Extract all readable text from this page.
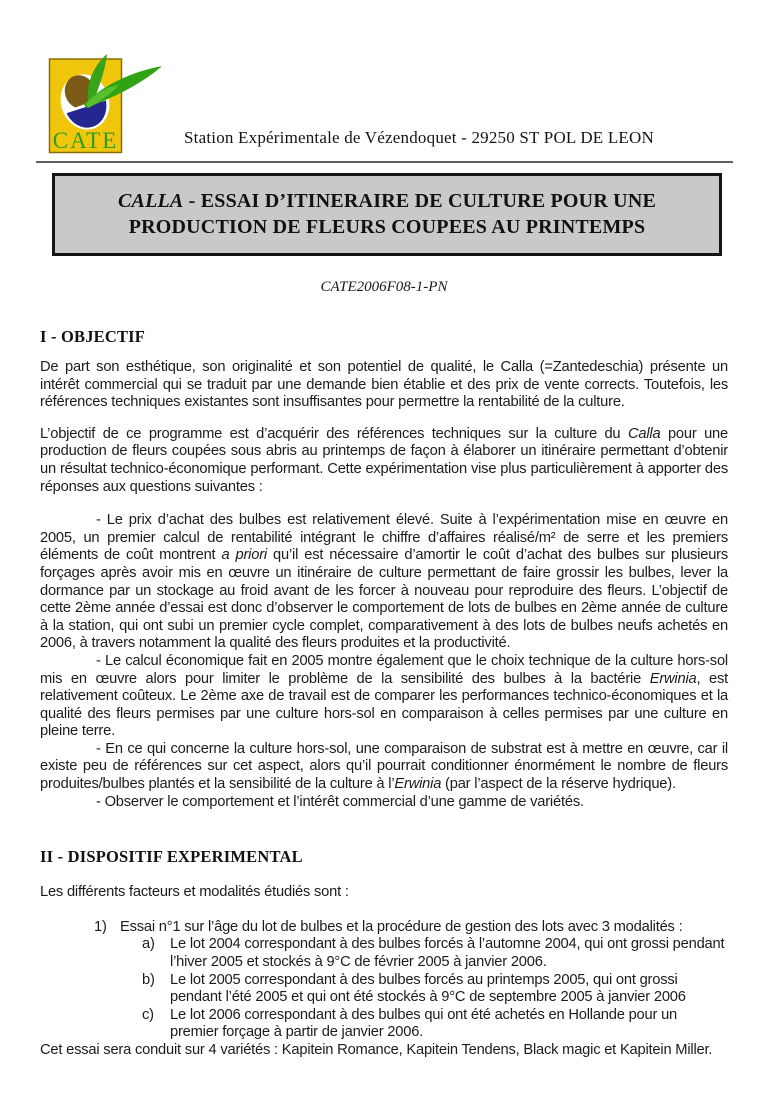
CATE	Station Expérimentale de Vézendoquet - 29250 ST POL DE LEON
CALLA - ESSAI D’ITINERAIRE DE CULTURE POUR UNE PRODUCTION DE FLEURS COUPEES AU PRINTEMPS
CATE2006F08-1-PN
I - OBJECTIF

De part son esthétique, son originalité et son potentiel de qualité, le Calla (=Zantedeschia) présente un intérêt commercial qui se traduit par une demande bien établie et des prix de vente corrects. Toutefois, les références techniques existantes sont insuffisantes pour permettre la rentabilité de la culture.

L’objectif de ce programme est d’acquérir des références techniques sur la culture du Calla pour une production de fleurs coupées sous abris au printemps de façon à élaborer un itinéraire permettant d’obtenir un résultat technico-économique performant. Cette expérimentation vise plus particulièrement à apporter des réponses aux questions suivantes :

- Le prix d’achat des bulbes est relativement élevé. Suite à l’expérimentation mise en œuvre en 2005, un premier calcul de rentabilité intégrant le chiffre d’affaires réalisé/m² de serre et les premiers éléments de coût montrent a priori qu’il est nécessaire d’amortir le coût d’achat des bulbes sur plusieurs forçages après avoir mis en œuvre un itinéraire de culture permettant de faire grossir les bulbes, lever la dormance par un stockage au froid avant de les forcer à nouveau pour reproduire des fleurs. L’objectif de cette 2ème année d’essai est donc d’observer le comportement de lots de bulbes en 2ème année de culture à la station, qui ont subi un premier cycle complet, comparativement à des lots de bulbes neufs achetés en 2006, à travers notamment la qualité des fleurs produites et la productivité.

- Le calcul économique fait en 2005 montre également que le choix technique de la culture hors-sol mis en œuvre alors pour limiter le problème de la sensibilité des bulbes à la bactérie Erwinia, est relativement coûteux. Le 2ème axe de travail est de comparer les performances technico-économiques et la qualité des fleurs permises par une culture hors-sol en comparaison à celles permises par une culture en pleine terre.

- En ce qui concerne la culture hors-sol, une comparaison de substrat est à mettre en œuvre, car il existe peu de références sur cet aspect, alors qu’il pourrait conditionner énormément le nombre de fleurs produites/bulbes plantés et la sensibilité de la culture à l’Erwinia (par l’aspect de la réserve hydrique).

- Observer le comportement et l’intérêt commercial d’une gamme de variétés.

II - DISPOSITIF EXPERIMENTAL

Les différents facteurs et modalités étudiés sont :

1) Essai n°1 sur l’âge du lot de bulbes et la procédure de gestion des lots avec 3 modalités :
a)	Le lot 2004 correspondant à des bulbes forcés à l’automne 2004, qui ont grossi pendant l’hiver 2005 et stockés à 9°C de février 2005 à janvier 2006.
b)	Le lot 2005 correspondant à des bulbes forcés au printemps 2005, qui ont grossi pendant l’été 2005 et qui ont été stockés à 9°C de septembre 2005 à janvier 2006
c)	Le lot 2006 correspondant à des bulbes qui ont été achetés en Hollande pour un premier forçage à partir de janvier 2006.

Cet essai sera conduit sur 4 variétés : Kapitein Romance, Kapitein Tendens, Black magic et Kapitein Miller.
